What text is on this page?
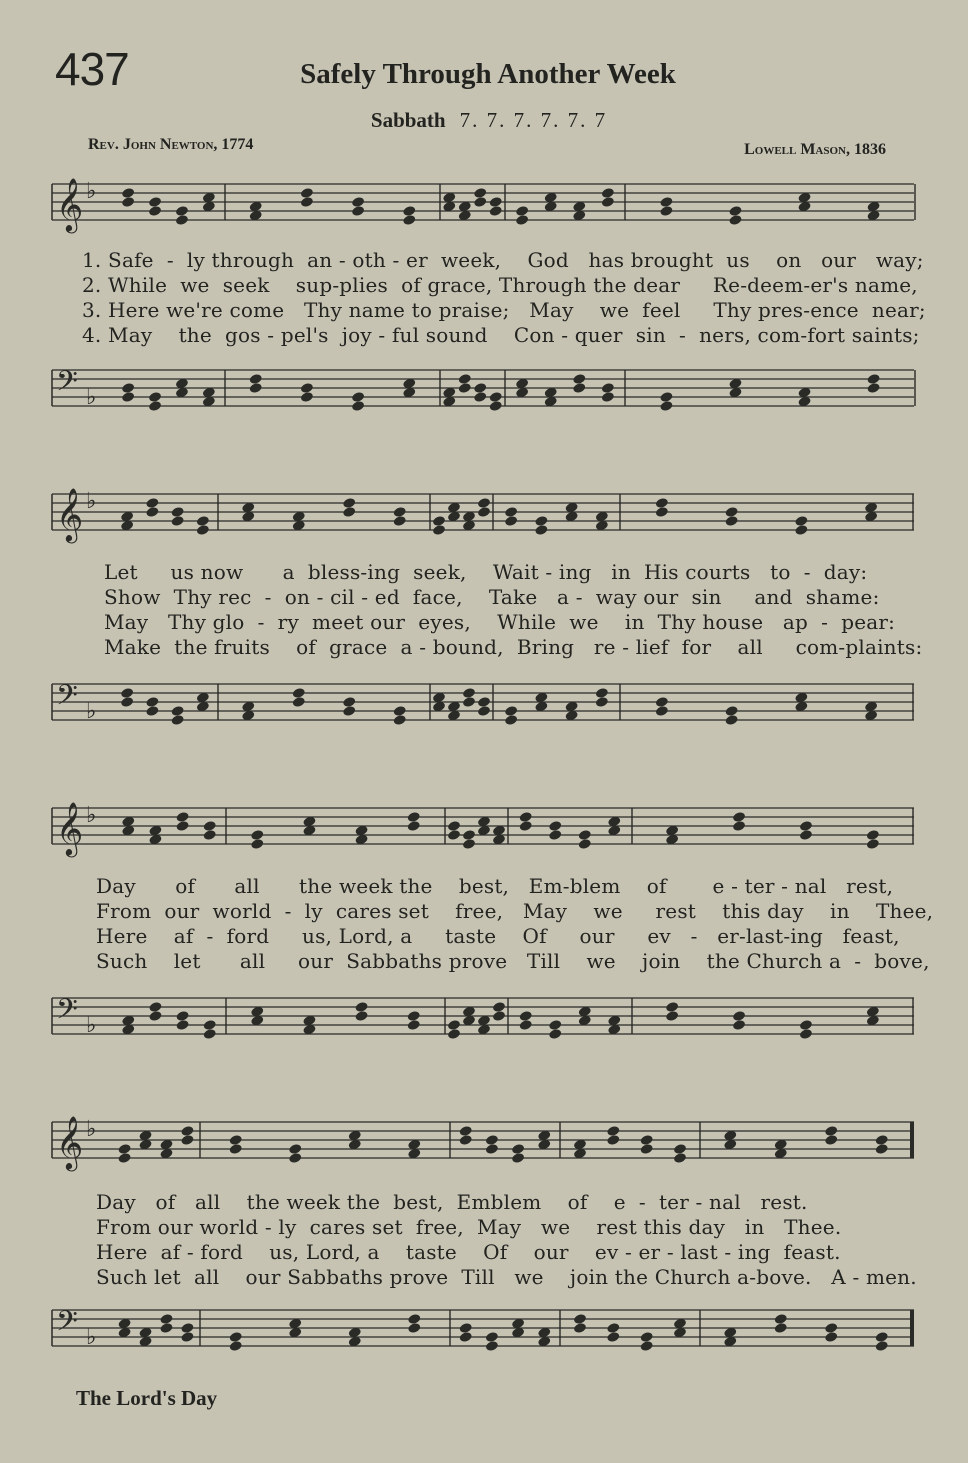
437	Safely Through Another Week
Sabbath 7. 7. 7. 7. 7. 7
Rev. John Newton, 1774	Lowell Mason, 1836
𝄞 ♭
1. Safe  -  ly through  an - oth - er  week,    God   has brought  us    on   our   way;
2. While  we  seek    sup-plies  of grace, Through the dear     Re-deem-er's name,
3. Here we're come   Thy name to praise;   May    we  feel     Thy pres-ence  near;
4. May    the  gos - pel's  joy - ful sound    Con - quer  sin  -  ners, com-fort saints;
𝄢 ♭
𝄞 ♭
Let     us now      a  bless-ing  seek,    Wait - ing   in  His courts   to  -  day:
Show  Thy rec  -  on - cil - ed  face,    Take   a -  way our  sin     and  shame:
May   Thy glo  -  ry  meet our  eyes,    While  we    in  Thy house   ap  -  pear:
Make  the fruits    of  grace  a - bound,  Bring   re - lief  for    all     com-plaints:
𝄢 ♭
𝄞 ♭
Day      of      all      the week the    best,   Em-blem    of       e - ter - nal   rest,
From  our  world  -  ly  cares set    free,   May    we     rest    this day    in    Thee,
Here    af  -  ford     us, Lord, a     taste    Of     our     ev   -   er-last-ing   feast,
Such    let      all     our  Sabbaths prove   Till    we    join    the Church a  -  bove,
𝄢 ♭
𝄞 ♭
Day   of   all    the week the  best,  Emblem    of    e  -  ter - nal   rest.
From our world - ly  cares set  free,  May   we    rest this day   in   Thee.
Here  af - ford    us, Lord, a    taste    Of    our    ev - er - last - ing  feast.
Such let  all    our Sabbaths prove  Till   we    join the Church a-bove.   A - men.
𝄢 ♭
The Lord's Day
